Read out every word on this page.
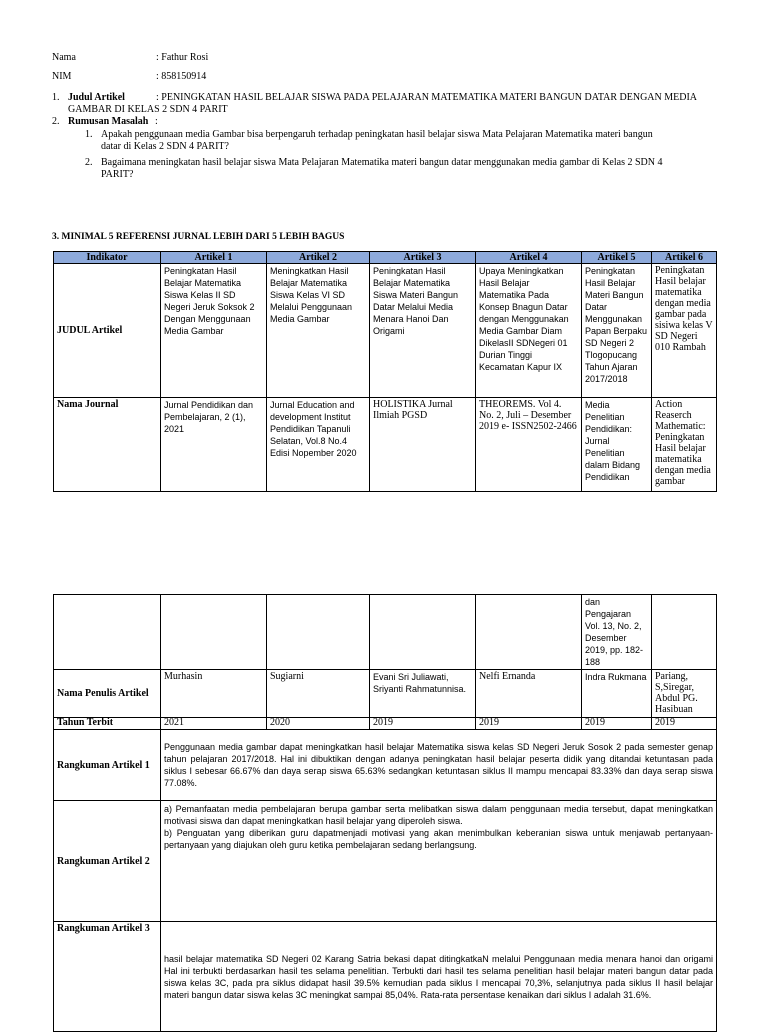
Nama	: Fathur Rosi
NIM	: 858150914
1. Judul Artikel	: PENINGKATAN HASIL BELAJAR SISWA PADA PELAJARAN MATEMATIKA MATERI BANGUN DATAR DENGAN MEDIA
GAMBAR DI KELAS 2 SDN 4 PARIT
2. Rumusan Masalah :
1. Apakah penggunaan media Gambar bisa berpengaruh terhadap peningkatan hasil belajar siswa Mata Pelajaran Matematika materi bangun
datar di Kelas 2 SDN 4 PARIT?
2. Bagaimana meningkatan hasil belajar siswa Mata Pelajaran Matematika materi bangun datar menggunakan media gambar di Kelas 2 SDN 4
PARIT?
3. MINIMAL 5 REFERENSI JURNAL LEBIH DARI 5 LEBIH BAGUS
Indikator	Artikel 1	Artikel 2	Artikel 3	Artikel 4	Artikel 5	Artikel 6
JUDUL Artikel	Peningkatan Hasil Belajar Matematika Siswa Kelas II SD Negeri Jeruk Soksok 2 Dengan Menggunaan Media Gambar	Meningkatkan Hasil Belajar Matematika Siswa Kelas VI SD Melalui Penggunaan Media Gambar	Peningkatan Hasil Belajar Matematika Siswa Materi Bangun Datar Melalui Media Menara Hanoi Dan Origami	Upaya Meningkatkan Hasil Belajar Matematika Pada Konsep Bnagun Datar dengan Menggunakan Media Gambar Diam DikelasII SDNegeri 01 Durian Tinggi Kecamatan Kapur IX	Peningkatan Hasil Belajar Materi Bangun Datar Menggunakan Papan Berpaku SD Negeri 2 Tlogopucang Tahun Ajaran 2017/2018	Peningkatan Hasil belajar matematika dengan media gambar pada sisiwa kelas V SD Negeri 010 Rambah
Nama Journal	Jurnal Pendidikan dan Pembelajaran, 2 (1), 2021	Jurnal Education and development Institut Pendidikan Tapanuli Selatan, Vol.8 No.4 Edisi Nopember 2020	HOLISTIKA Jurnal Ilmiah PGSD	THEOREMS. Vol 4. No. 2, Juli – Desember 2019 e- ISSN2502-2466	Media Penelitian Pendidikan: Jurnal Penelitian dalam Bidang Pendidikan	Action Reaserch Mathematic: Peningkatan Hasil belajar matematika dengan media gambar
					dan Pengajaran Vol. 13, No. 2, Desember 2019, pp. 182-188	
Nama Penulis Artikel	Murhasin	Sugiarni	Evani Sri Juliawati, Sriyanti Rahmatunnisa.	Nelfi Ernanda	Indra Rukmana	Pariang, S,Siregar, Abdul PG. Hasibuan
Tahun Terbit	2021	2020	2019	2019	2019	2019
Rangkuman Artikel 1	Penggunaan media gambar dapat meningkatkan hasil belajar Matematika siswa kelas SD Negeri Jeruk Sosok 2 pada semester genap tahun pelajaran 2017/2018. Hal ini dibuktikan dengan adanya peningkatan hasil belajar peserta didik yang ditandai ketuntasan pada siklus I sebesar 66.67% dan daya serap siswa 65.63% sedangkan ketuntasan siklus II mampu mencapai 83.33% dan daya serap siswa 77.08%.					
Rangkuman Artikel 2	a) Pemanfaatan media pembelajaran berupa gambar serta melibatkan siswa dalam penggunaan media tersebut, dapat meningkatkan motivasi siswa dan dapat meningkatkan hasil belajar yang diperoleh siswa.
b) Penguatan yang diberikan guru dapatmenjadi motivasi yang akan menimbulkan keberanian siswa untuk menjawab pertanyaan-pertanyaan yang diajukan oleh guru ketika pembelajaran sedang berlangsung.					

Rangkuman Artikel 3	hasil belajar matematika SD Negeri 02 Karang Satria bekasi dapat ditingkatkaN melalui Penggunaan media menara hanoi dan origami Hal ini terbukti berdasarkan hasil tes selama penelitian. Terbukti dari hasil tes selama penelitian hasil belajar materi bangun datar pada siswa kelas 3C, pada pra siklus didapat hasil 39.5% kemudian pada siklus I mencapai 70,3%, selanjutnya pada siklus II hasil belajar materi bangun datar siswa kelas 3C meningkat sampai 85,04%. Rata-rata persentase kenaikan dari siklus I adalah 31.6%.					
